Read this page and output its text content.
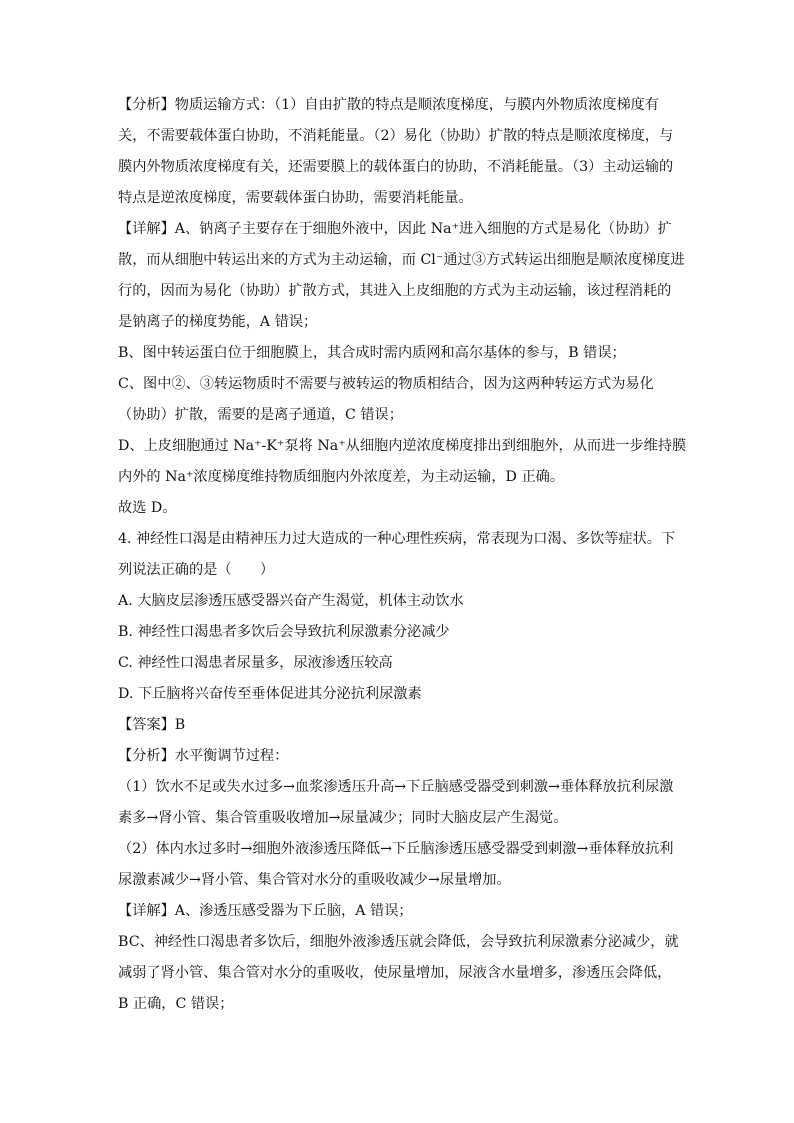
【分析】物质运输方式：（1）自由扩散的特点是顺浓度梯度，与膜内外物质浓度梯度有

关，不需要载体蛋白协助，不消耗能量。（2）易化（协助）扩散的特点是顺浓度梯度，与

膜内外物质浓度梯度有关，还需要膜上的载体蛋白的协助，不消耗能量。（3）主动运输的

特点是逆浓度梯度，需要载体蛋白协助，需要消耗能量。

【详解】A、钠离子主要存在于细胞外液中，因此 Na⁺进入细胞的方式是易化（协助）扩

散，而从细胞中转运出来的方式为主动运输，而 Cl⁻通过③方式转运出细胞是顺浓度梯度进

行的，因而为易化（协助）扩散方式，其进入上皮细胞的方式为主动运输，该过程消耗的

是钠离子的梯度势能，A 错误；

B、图中转运蛋白位于细胞膜上，其合成时需内质网和高尔基体的参与，B 错误；

C、图中②、③转运物质时不需要与被转运的物质相结合，因为这两种转运方式为易化

（协助）扩散，需要的是离子通道，C 错误；

D、上皮细胞通过 Na⁺-K⁺泵将 Na⁺从细胞内逆浓度梯度排出到细胞外，从而进一步维持膜

内外的 Na⁺浓度梯度维持物质细胞内外浓度差，为主动运输，D 正确。

故选 D。

4. 神经性口渴是由精神压力过大造成的一种心理性疾病，常表现为口渴、多饮等症状。下

列说法正确的是（　　）

A. 大脑皮层渗透压感受器兴奋产生渴觉，机体主动饮水

B. 神经性口渴患者多饮后会导致抗利尿激素分泌减少

C. 神经性口渴患者尿量多，尿液渗透压较高

D. 下丘脑将兴奋传至垂体促进其分泌抗利尿激素

【答案】B

【分析】水平衡调节过程：

（1）饮水不足或失水过多→血浆渗透压升高→下丘脑感受器受到刺激→垂体释放抗利尿激

素多→肾小管、集合管重吸收增加→尿量减少；同时大脑皮层产生渴觉。

（2）体内水过多时→细胞外液渗透压降低→下丘脑渗透压感受器受到刺激→垂体释放抗利

尿激素减少→肾小管、集合管对水分的重吸收减少→尿量增加。

【详解】A、渗透压感受器为下丘脑，A 错误；

BC、神经性口渴患者多饮后，细胞外液渗透压就会降低，会导致抗利尿激素分泌减少，就

减弱了肾小管、集合管对水分的重吸收，使尿量增加，尿液含水量增多，渗透压会降低，

B 正确，C 错误；
